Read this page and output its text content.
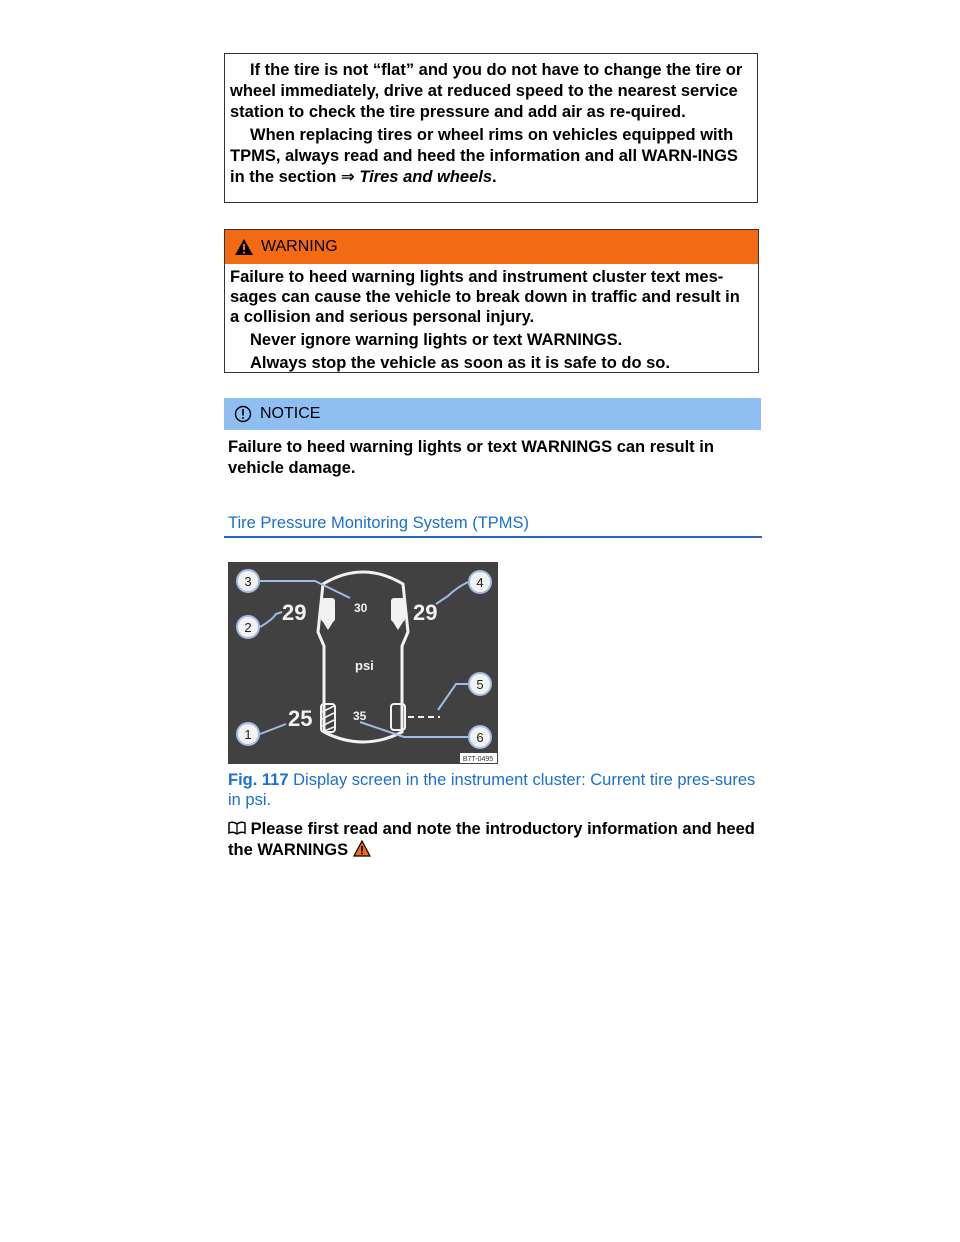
If the tire is not “flat” and you do not have to change the tire or wheel immediately, drive at reduced speed to the nearest service station to check the tire pressure and add air as re-quired.

When replacing tires or wheel rims on vehicles equipped with TPMS, always read and heed the information and all WARN-INGS in the section ⇒ Tires and wheels.

WARNING

Failure to heed warning lights and instrument cluster text mes-sages can cause the vehicle to break down in traffic and result in a collision and serious personal injury.

Never ignore warning lights or text WARNINGS.

Always stop the vehicle as soon as it is safe to do so.

NOTICE
Failure to heed warning lights or text WARNINGS can result in vehicle damage.
Tire Pressure Monitoring System (TPMS)
29	30 29
psi
25	35
3
2
4
5
1	6
B7T-0495
Fig. 117 Display screen in the instrument cluster: Current tire pres-sures in psi.
Please first read and note the introductory information and heed the WARNINGS
